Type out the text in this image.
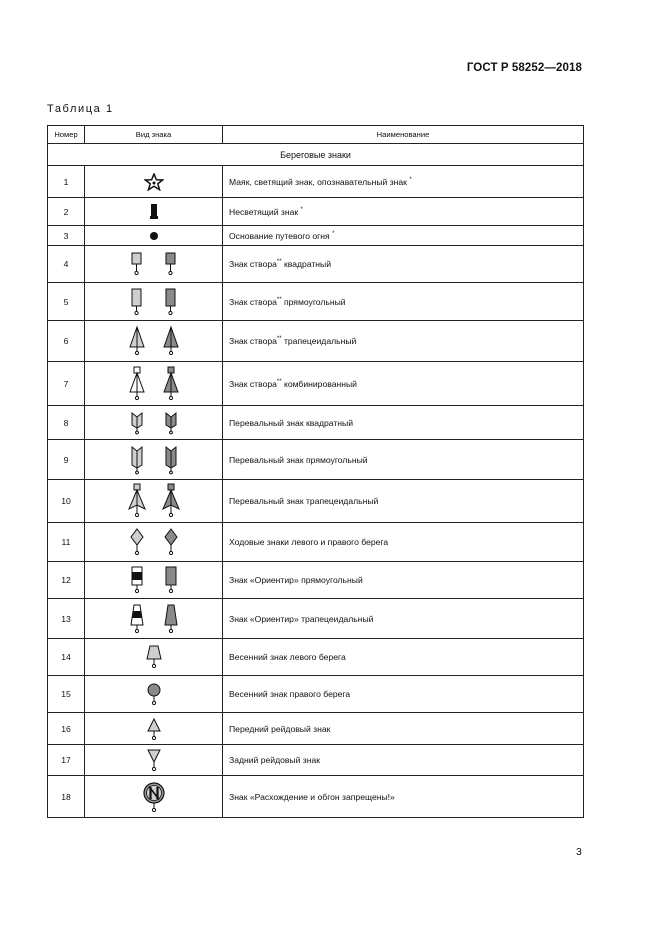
ГОСТ Р 58252—2018
Таблица 1
Номер	Вид знака	Наименование
Береговые знаки		
1		Маяк, светящий знак, опознавательный знак *
2		Несветящий знак *
3		Основание путевого огня *
4		Знак створа** квадратный
5		Знак створа** прямоугольный
6		Знак створа** трапецеидальный
7		Знак створа** комбинированный
8		Перевальный знак квадратный
9		Перевальный знак прямоугольный
10		Перевальный знак трапецеидальный
11		Ходовые знаки левого и правого берега
12		Знак «Ориентир» прямоугольный
13		Знак «Ориентир» трапецеидальный
14		Весенний знак левого берега
15		Весенний знак правого берега
16		Передний рейдовый знак
17		Задний рейдовый знак
18		Знак «Расхождение и обгон запрещены!»
3
